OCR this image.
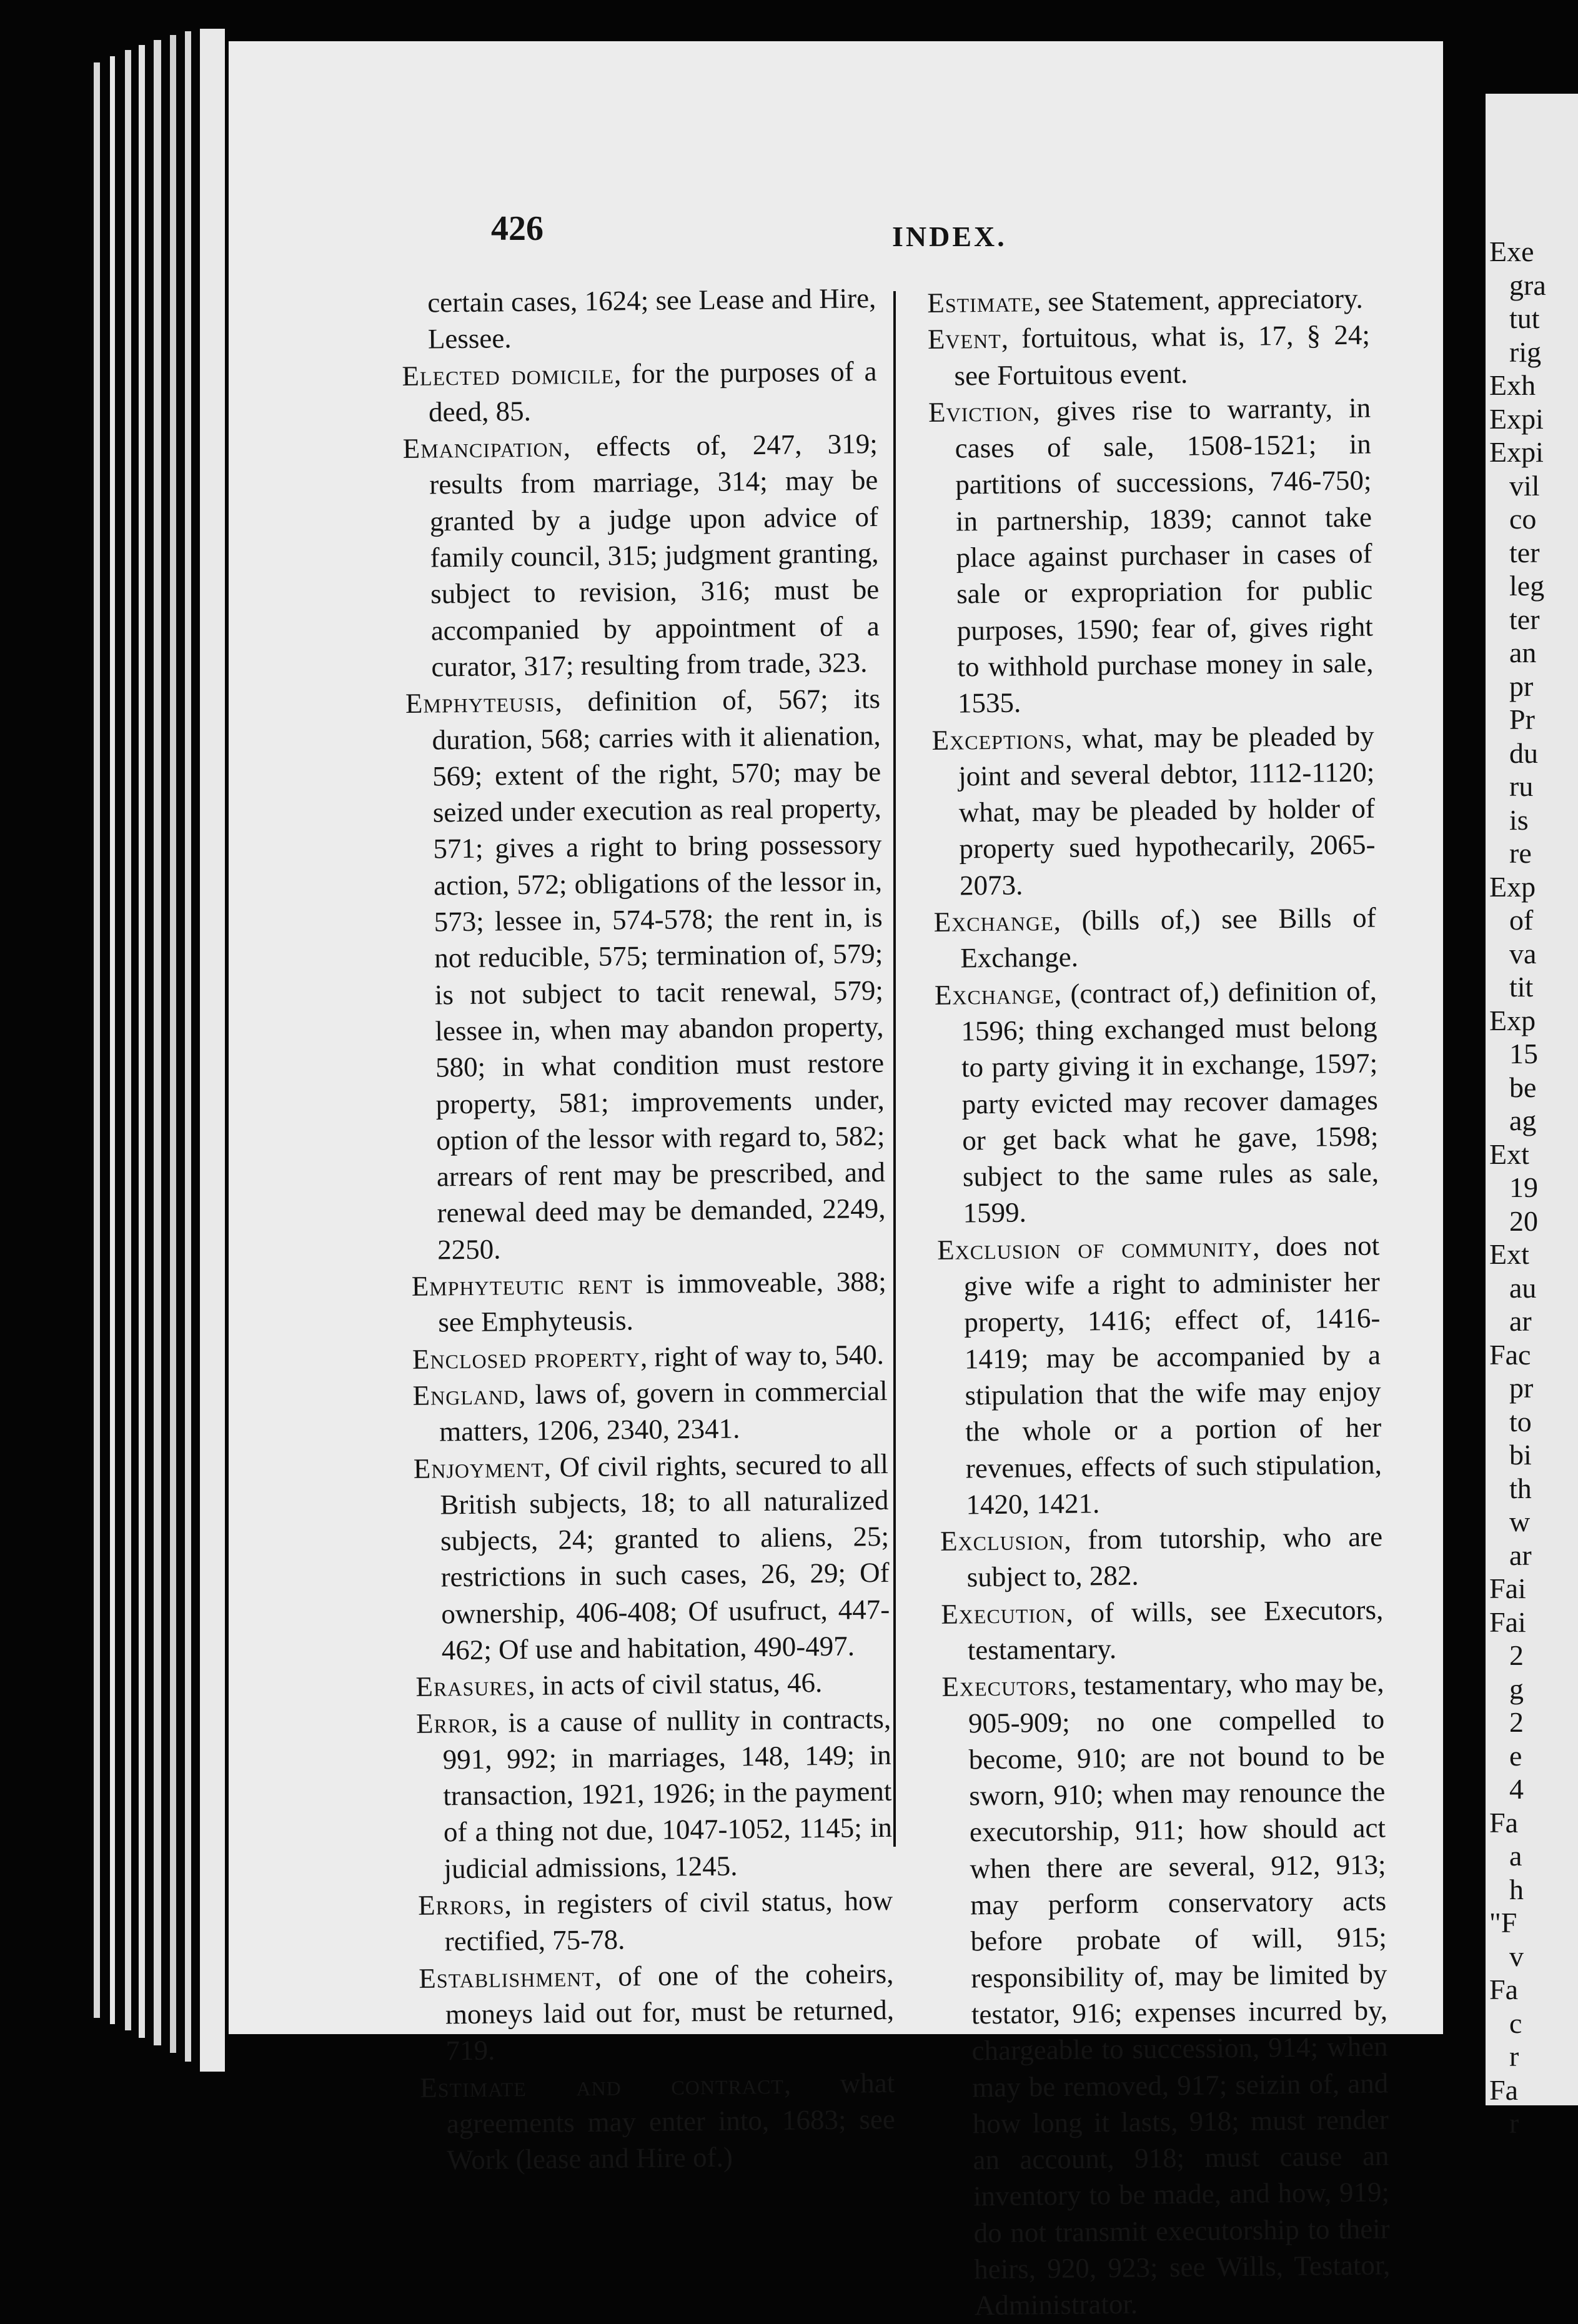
426	INDEX.

certain cases, 1624; see Lease and Hire, Lessee.

Elected domicile, for the purposes of a deed, 85.

Emancipation, effects of, 247, 319; results from marriage, 314; may be granted by a judge upon advice of family council, 315; judgment granting, subject to revision, 316; must be accompanied by appointment of a curator, 317; resulting from trade, 323.

Emphyteusis, definition of, 567; its duration, 568; carries with it alienation, 569; extent of the right, 570; may be seized under execution as real property, 571; gives a right to bring possessory action, 572; obligations of the lessor in, 573; lessee in, 574-578; the rent in, is not reducible, 575; termination of, 579; is not subject to tacit renewal, 579; lessee in, when may abandon property, 580; in what condition must restore property, 581; improvements under, option of the lessor with regard to, 582; arrears of rent may be prescribed, and renewal deed may be demanded, 2249, 2250.

Emphyteutic rent is immoveable, 388; see Emphyteusis.

Enclosed property, right of way to, 540.

England, laws of, govern in commercial matters, 1206, 2340, 2341.

Enjoyment, Of civil rights, secured to all British subjects, 18; to all naturalized subjects, 24; granted to aliens, 25; restrictions in such cases, 26, 29; Of ownership, 406-408; Of usufruct, 447-462; Of use and habitation, 490-497.

Erasures, in acts of civil status, 46.

Error, is a cause of nullity in contracts, 991, 992; in marriages, 148, 149; in transaction, 1921, 1926; in the payment of a thing not due, 1047-1052, 1145; in judicial admissions, 1245.

Errors, in registers of civil status, how rectified, 75-78.

Establishment, of one of the coheirs, moneys laid out for, must be returned, 719.

Estimate and contract, what agreements may enter into, 1683; see Work (lease and Hire of.)

Estimate, see Statement, appreciatory.

Event, fortuitous, what is, 17, § 24; see Fortuitous event.

Eviction, gives rise to warranty, in cases of sale, 1508-1521; in partitions of successions, 746-750; in partnership, 1839; cannot take place against purchaser in cases of sale or expropriation for public purposes, 1590; fear of, gives right to withhold purchase money in sale, 1535.

Exceptions, what, may be pleaded by joint and several debtor, 1112-1120; what, may be pleaded by holder of property sued hypothecarily, 2065-2073.

Exchange, (bills of,) see Bills of Exchange.

Exchange, (contract of,) definition of, 1596; thing exchanged must belong to party giving it in exchange, 1597; party evicted may recover damages or get back what he gave, 1598; subject to the same rules as sale, 1599.

Exclusion of community, does not give wife a right to administer her property, 1416; effect of, 1416-1419; may be accompanied by a stipulation that the wife may enjoy the whole or a portion of her revenues, effects of such stipulation, 1420, 1421.

Exclusion, from tutorship, who are subject to, 282.

Execution, of wills, see Executors, testamentary.

Executors, testamentary, who may be, 905-909; no one compelled to become, 910; are not bound to be sworn, 910; when may renounce the executorship, 911; how should act when there are several, 912, 913; may perform conservatory acts before probate of will, 915; responsibility of, may be limited by testator, 916; expenses incurred by, chargeable to succession, 914; when may be removed, 917; seizin of, and how long it lasts, 918; must render an account, 918; must cause an inventory to be made, and how, 919; do not transmit executorship to their heirs, 920, 923; see Wills, Testator, Administrator.

Exe
gra
tut
rig
Exh
Expi
Expi
vil
co
ter
leg
ter
an
pr
Pr
du
ru
is
re
Exp
of
va
tit
Exp
15
be
ag
Ext
19
20
Ext
au
ar
Fac
pr
to
bi
th
w
ar
Fai
Fai
2
g
2
e
4
Fa
a
h
"F
v
Fa
c
r
Fa
r
